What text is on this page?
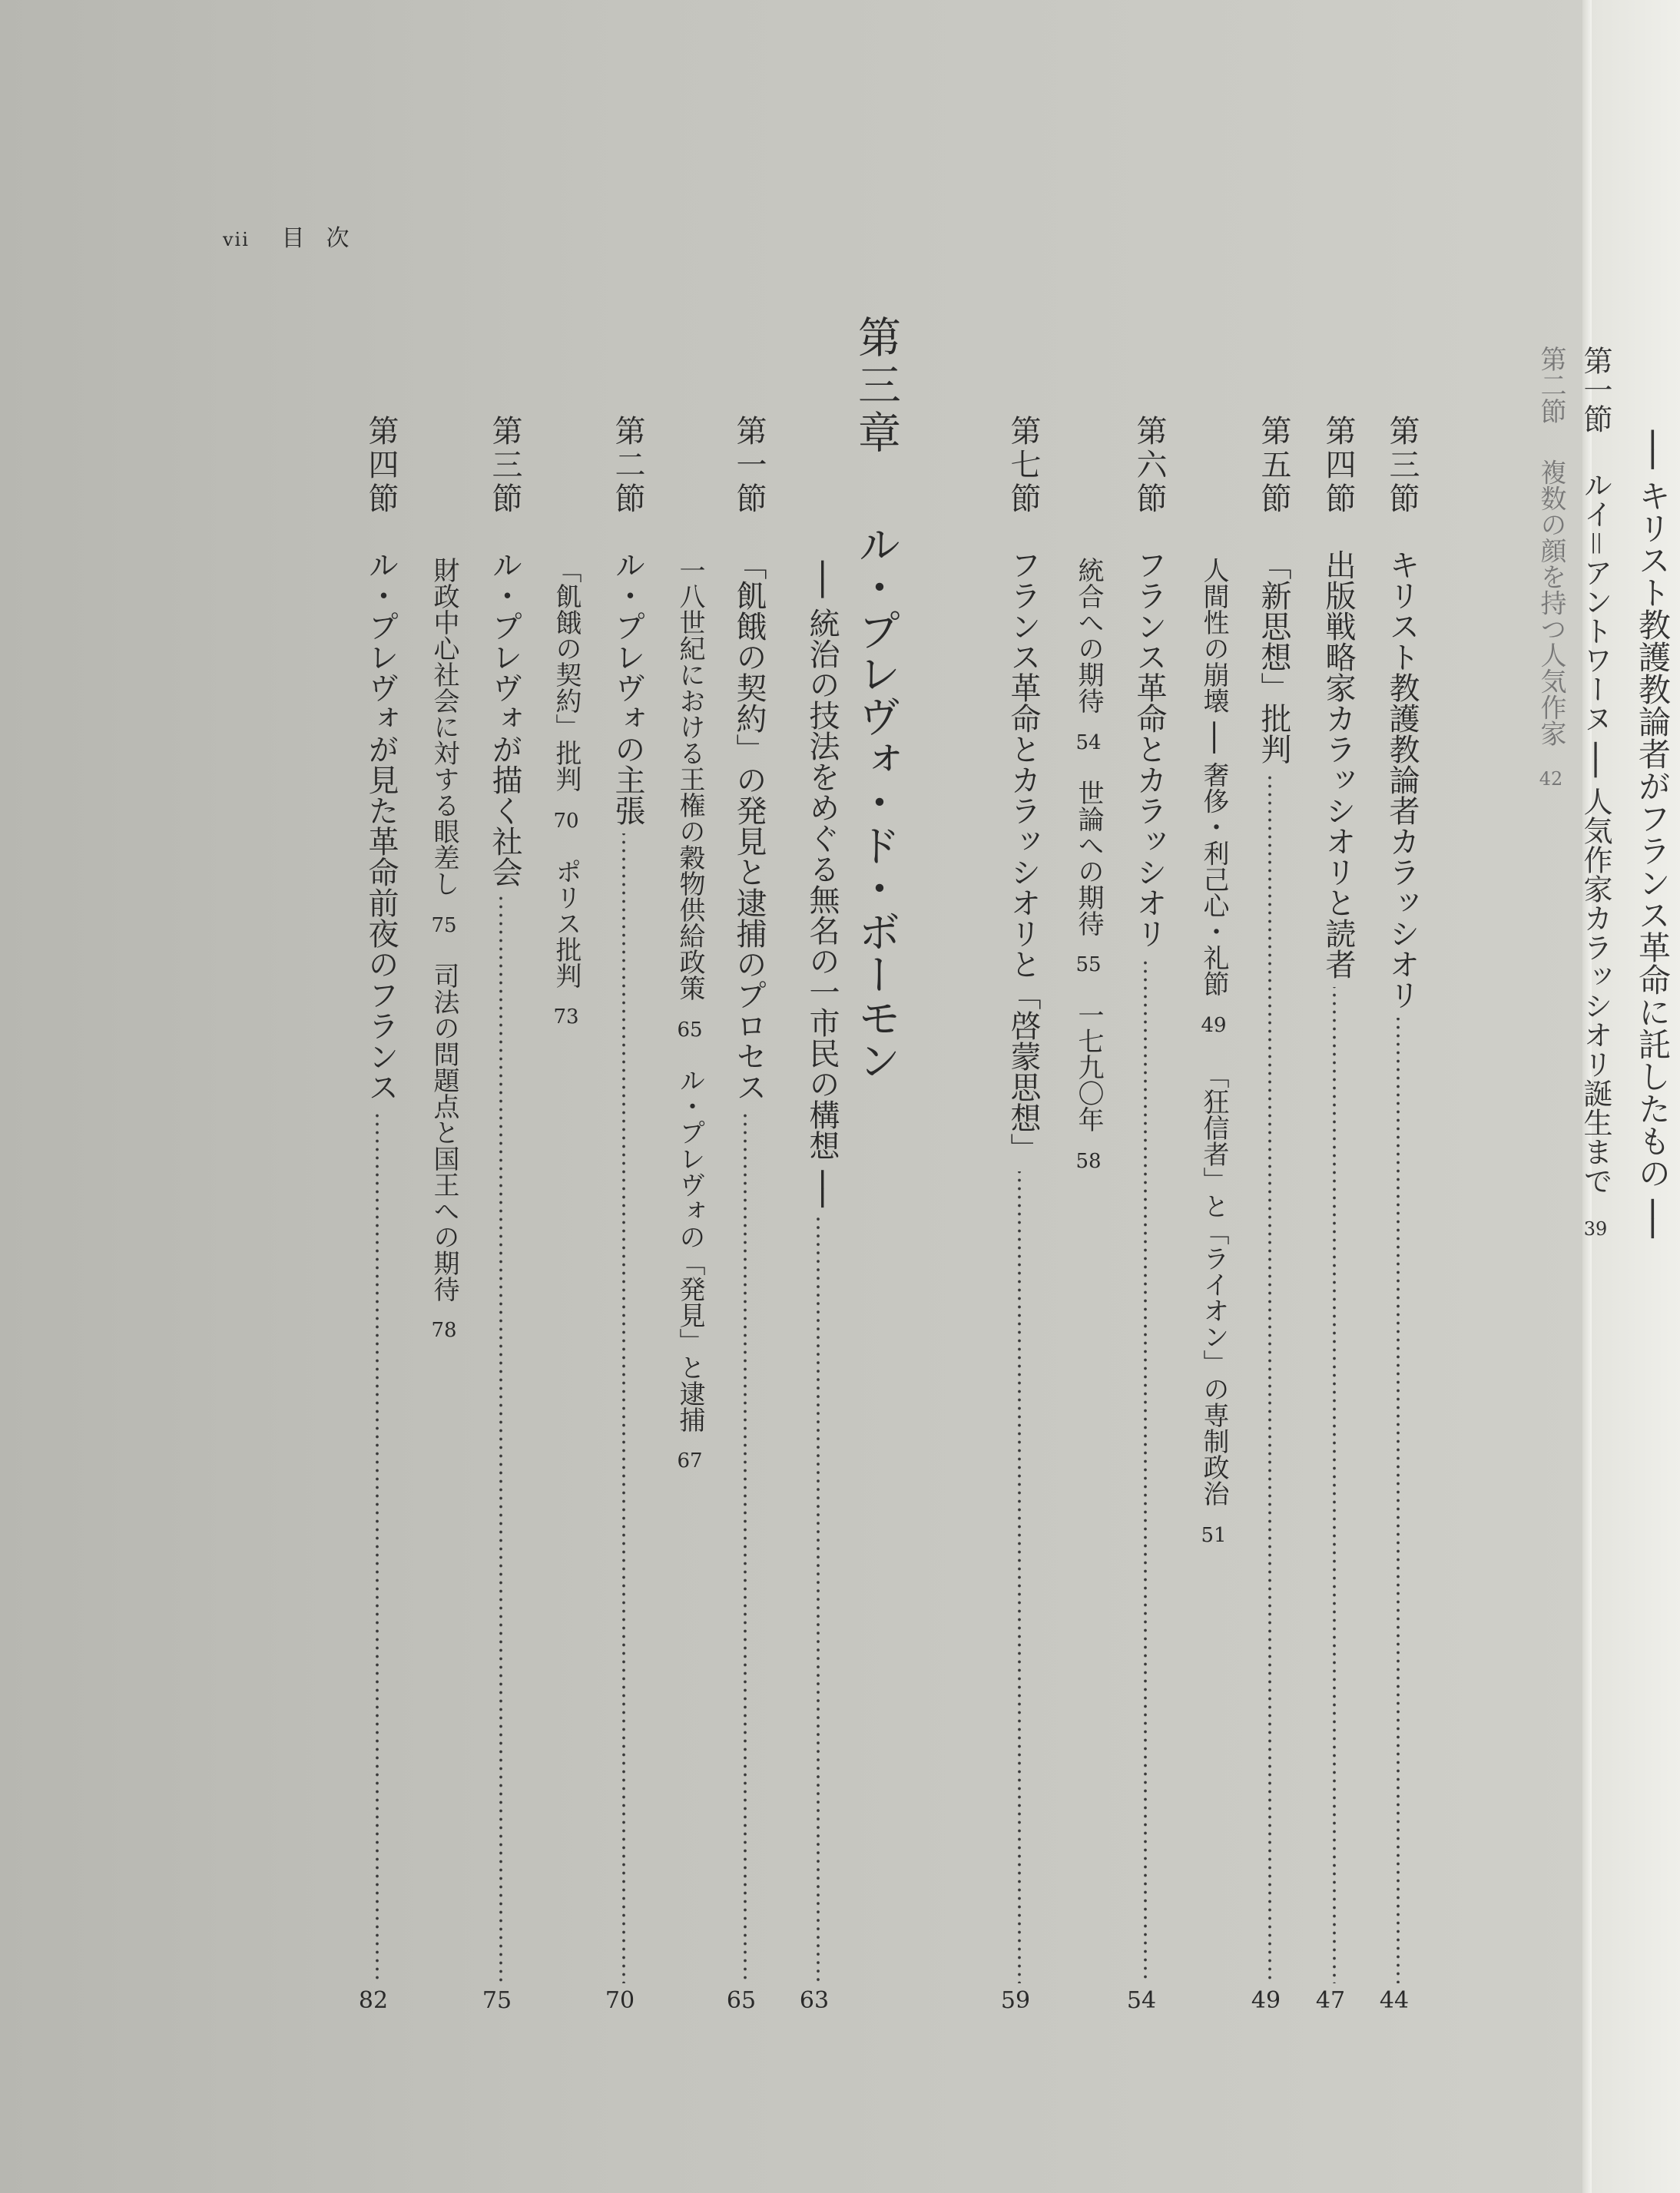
vii 目次
第三節
キリスト教護教論者カラッシオリ
44
第四節
出版戦略家カラッシオリと読者
47
第五節
「新思想」批判
49
人間性の崩壊 ── 奢侈・利己心・礼節 49 「狂信者」と「ライオン」の専制政治 51
第六節
フランス革命とカラッシオリ
54
統合への期待 54 世論への期待 55 一七九〇年 58
第七節
フランス革命とカラッシオリと「啓蒙思想」
59
第三章
ル・プレヴォ・ド・ボーモン
── 統治の技法をめぐる無名の一市民の構想 ──
63
第一節
「飢餓の契約」の発見と逮捕のプロセス
65
一八世紀における王権の穀物供給政策 65 ル・プレヴォの「発見」と逮捕 67
第二節
ル・プレヴォの主張
70
「飢餓の契約」批判 70 ポリス批判 73
第三節
ル・プレヴォが描く社会
75
財政中心社会に対する眼差し 75 司法の問題点と国王への期待 78
第四節
ル・プレヴォが見た革命前夜のフランス
82
── キリスト教護教論者がフランス革命に託したもの ──
第一節  ルイ＝アントワーヌ ── 人気作家カラッシオリ誕生まで 39
第二節  複数の顔を持つ人気作家 42
